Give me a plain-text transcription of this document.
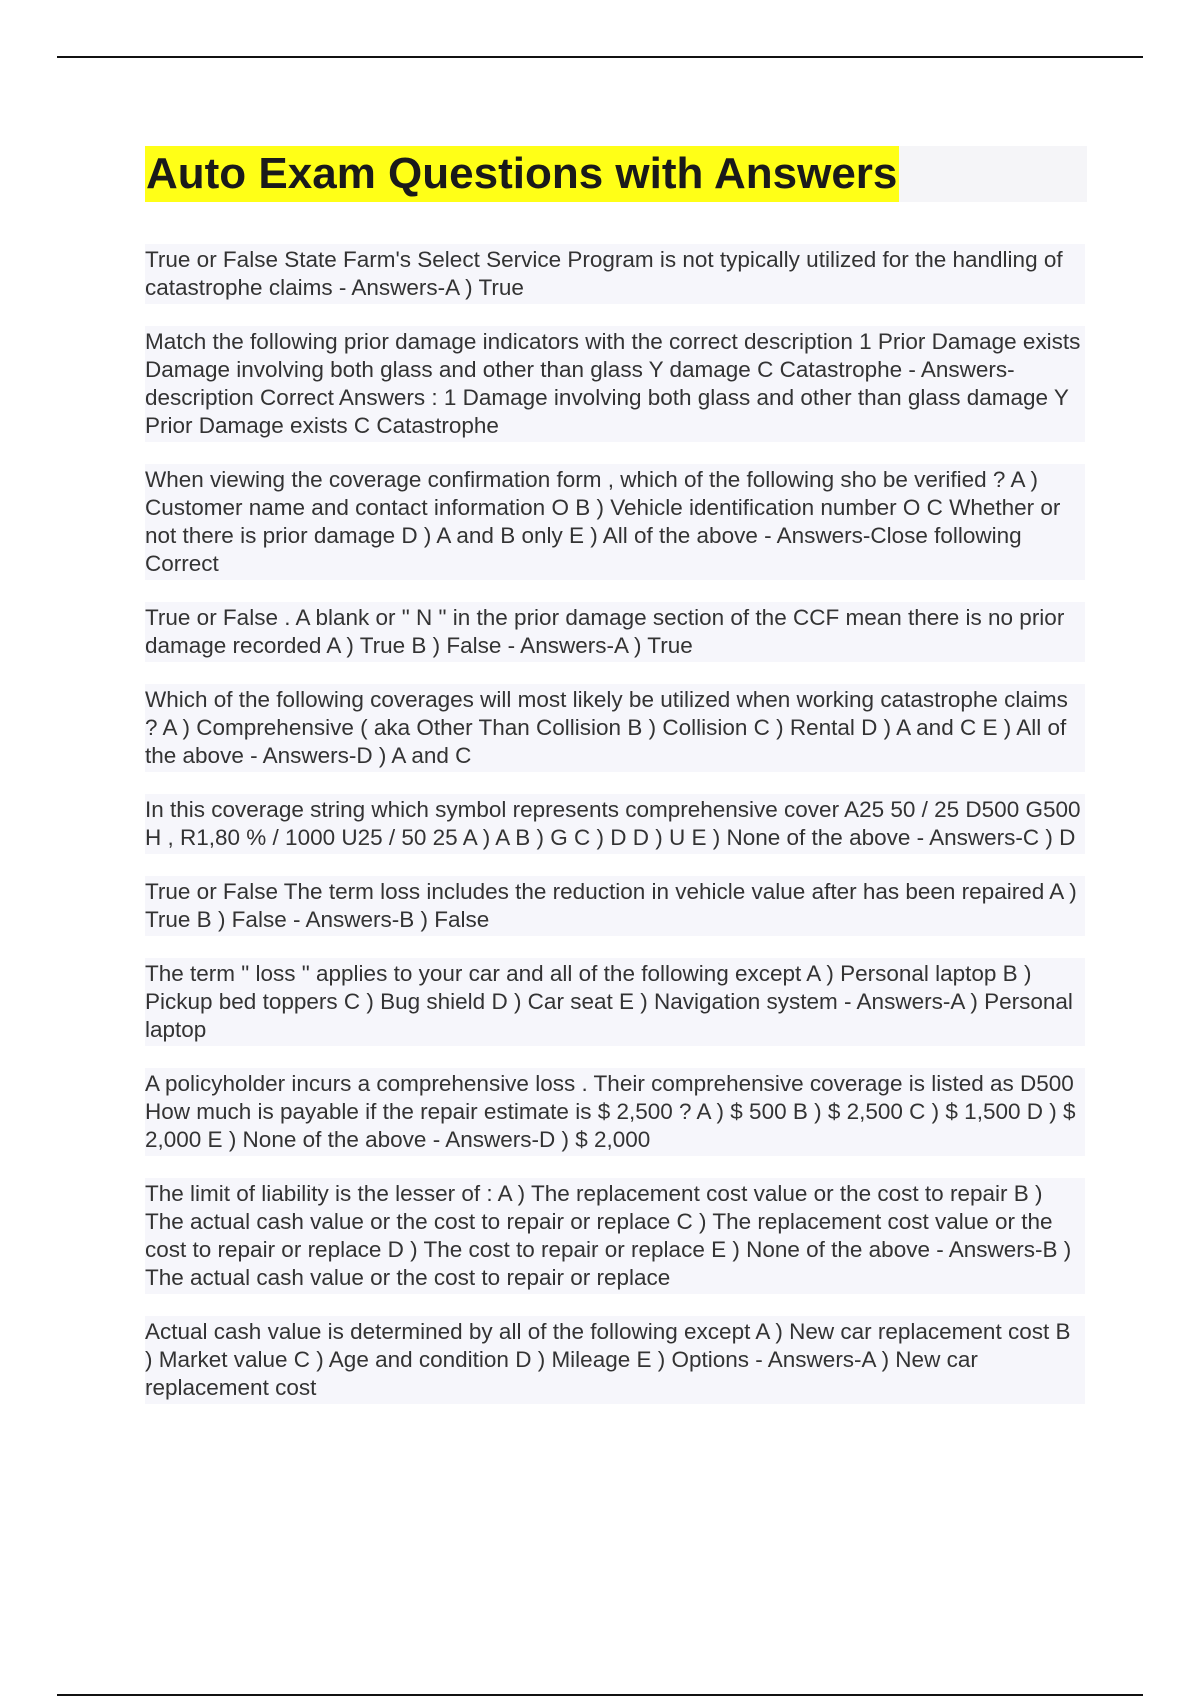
Auto Exam Questions with Answers

True or False State Farm's Select Service Program is not typically utilized for the handling of catastrophe claims - Answers-A ) True

Match the following prior damage indicators with the correct description 1 Prior Damage exists Damage involving both glass and other than glass Y damage C Catastrophe - Answers-description Correct Answers : 1 Damage involving both glass and other than glass damage Y Prior Damage exists C Catastrophe

When viewing the coverage confirmation form , which of the following sho be verified ? A ) Customer name and contact information O B ) Vehicle identification number O C Whether or not there is prior damage D ) A and B only E ) All of the above - Answers-Close following Correct

True or False . A blank or " N " in the prior damage section of the CCF mean there is no prior damage recorded A ) True B ) False - Answers-A ) True

Which of the following coverages will most likely be utilized when working catastrophe claims ? A ) Comprehensive ( aka Other Than Collision B ) Collision C ) Rental D ) A and C E ) All of the above - Answers-D ) A and C

In this coverage string which symbol represents comprehensive cover A25 50 / 25 D500 G500 H , R1,80 % / 1000 U25 / 50 25 A ) A B ) G C ) D D ) U E ) None of the above - Answers-C ) D

True or False The term loss includes the reduction in vehicle value after has been repaired A ) True B ) False - Answers-B ) False

The term " loss " applies to your car and all of the following except A ) Personal laptop B ) Pickup bed toppers C ) Bug shield D ) Car seat E ) Navigation system - Answers-A ) Personal laptop

A policyholder incurs a comprehensive loss . Their comprehensive coverage is listed as D500 How much is payable if the repair estimate is $ 2,500 ? A ) $ 500 B ) $ 2,500 C ) $ 1,500 D ) $ 2,000 E ) None of the above - Answers-D ) $ 2,000

The limit of liability is the lesser of : A ) The replacement cost value or the cost to repair B ) The actual cash value or the cost to repair or replace C ) The replacement cost value or the cost to repair or replace D ) The cost to repair or replace E ) None of the above - Answers-B ) The actual cash value or the cost to repair or replace

Actual cash value is determined by all of the following except A ) New car replacement cost B ) Market value C ) Age and condition D ) Mileage E ) Options - Answers-A ) New car replacement cost
